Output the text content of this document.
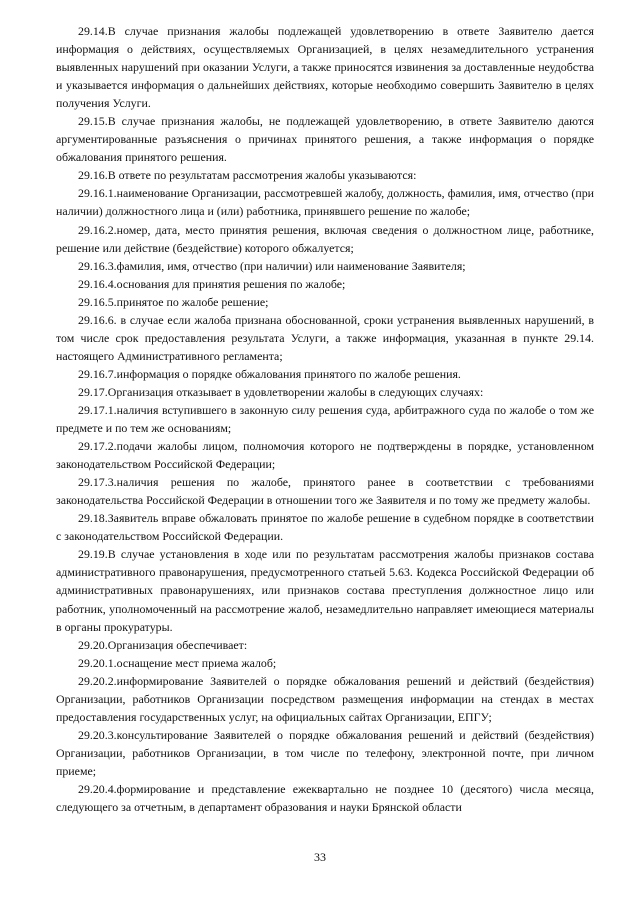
29.14.В случае признания жалобы подлежащей удовлетворению в ответе Заявителю дается информация о действиях, осуществляемых Организацией, в целях незамедлительного устранения выявленных нарушений при оказании Услуги, а также приносятся извинения за доставленные неудобства и указывается информация о дальнейших действиях, которые необходимо совершить Заявителю в целях получения Услуги.

29.15.В случае признания жалобы, не подлежащей удовлетворению, в ответе Заявителю даются аргументированные разъяснения о причинах принятого решения, а также информация о порядке обжалования принятого решения.

29.16.В ответе по результатам рассмотрения жалобы указываются:

29.16.1.наименование Организации, рассмотревшей жалобу, должность, фамилия, имя, отчество (при наличии) должностного лица и (или) работника, принявшего решение по жалобе;

29.16.2.номер, дата, место принятия решения, включая сведения о должностном лице, работнике, решение или действие (бездействие) которого обжалуется;

29.16.3.фамилия, имя, отчество (при наличии) или наименование Заявителя;

29.16.4.основания для принятия решения по жалобе;

29.16.5.принятое по жалобе решение;

29.16.6. в случае если жалоба признана обоснованной, сроки устранения выявленных нарушений, в том числе срок предоставления результата Услуги, а также информация, указанная в пункте 29.14. настоящего Административного регламента;

29.16.7.информация о порядке обжалования принятого по жалобе решения.

29.17.Организация отказывает в удовлетворении жалобы в следующих случаях:

29.17.1.наличия вступившего в законную силу решения суда, арбитражного суда по жалобе о том же предмете и по тем же основаниям;

29.17.2.подачи жалобы лицом, полномочия которого не подтверждены в порядке, установленном законодательством Российской Федерации;

29.17.3.наличия решения по жалобе, принятого ранее в соответствии с требованиями законодательства Российской Федерации в отношении того же Заявителя и по тому же предмету жалобы.

29.18.Заявитель вправе обжаловать принятое по жалобе решение в судебном порядке в соответствии с законодательством Российской Федерации.

29.19.В случае установления в ходе или по результатам рассмотрения жалобы признаков состава административного правонарушения, предусмотренного статьей 5.63. Кодекса Российской Федерации об административных правонарушениях, или признаков состава преступления должностное лицо или работник, уполномоченный на рассмотрение жалоб, незамедлительно направляет имеющиеся материалы в органы прокуратуры.

29.20.Организация обеспечивает:

29.20.1.оснащение мест приема жалоб;

29.20.2.информирование Заявителей о порядке обжалования решений и действий (бездействия) Организации, работников Организации посредством размещения информации на стендах в местах предоставления государственных услуг, на официальных сайтах Организации, ЕПГУ;

29.20.3.консультирование Заявителей о порядке обжалования решений и действий (бездействия) Организации, работников Организации, в том числе по телефону, электронной почте, при личном приеме;

29.20.4.формирование и представление ежеквартально не позднее 10 (десятого) числа месяца, следующего за отчетным, в департамент образования и науки Брянской области

33
